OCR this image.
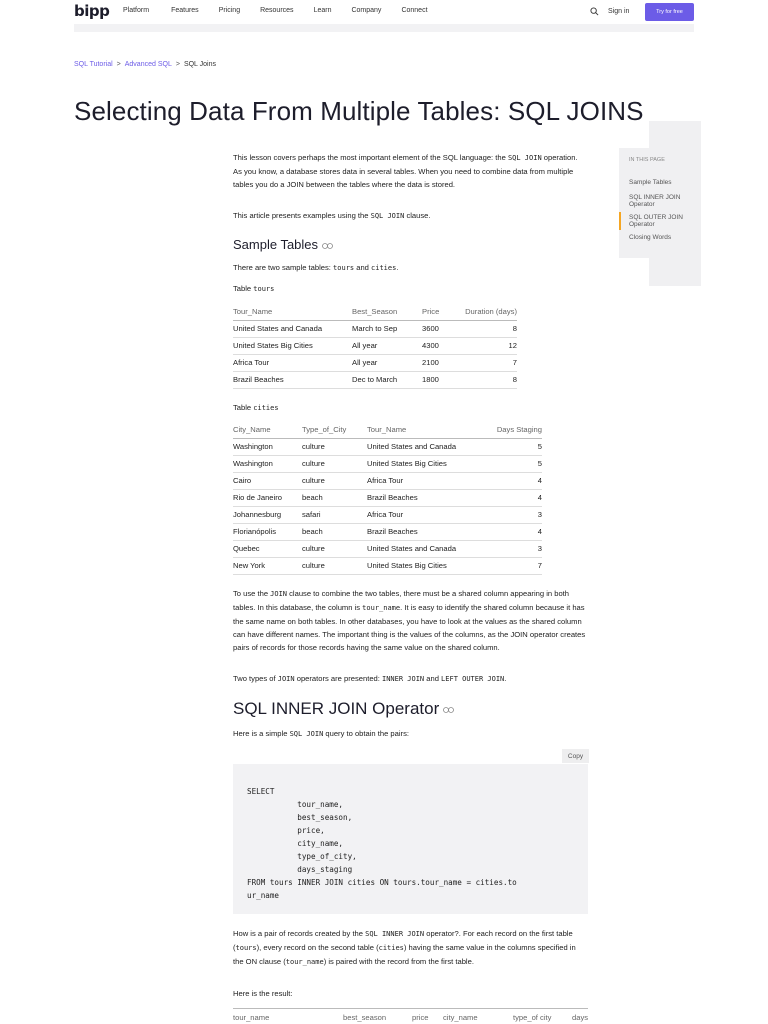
bipp Platform	Features	Pricing	Resources	Learn	Company	Connect	Sign in	Try for free
SQL Tutorial > Advanced SQL > SQL Joins
Selecting Data From Multiple Tables: SQL JOINS
IN THIS PAGE
Sample Tables
SQL INNER JOIN Operator
SQL OUTER JOIN Operator
Closing Words

This lesson covers perhaps the most important element of the SQL language: the SQL JOIN operation. As you know, a database stores data in several tables. When you need to combine data from multiple tables you do a JOIN between the tables where the data is stored.

This article presents examples using the SQL JOIN clause.

Sample Tables

There are two sample tables: tours and cities.

Table tours

Tour_Name	Best_Season	Price	Duration (days)
United States and Canada	March to Sep	3600	8
United States Big Cities	All year	4300	12
Africa Tour	All year	2100	7
Brazil Beaches	Dec to March	1800	8

Table cities

City_Name	Type_of_City	Tour_Name	Days Staging
Washington	culture	United States and Canada	5
Washington	culture	United States Big Cities	5
Cairo	culture	Africa Tour	4
Rio de Janeiro	beach	Brazil Beaches	4
Johannesburg	safari	Africa Tour	3
Florianópolis	beach	Brazil Beaches	4
Quebec	culture	United States and Canada	3
New York	culture	United States Big Cities	7

To use the JOIN clause to combine the two tables, there must be a shared column appearing in both tables. In this database, the column is tour_name. It is easy to identify the shared column because it has the same name on both tables. In other databases, you have to look at the values as the shared column can have different names. The important thing is the values of the columns, as the JOIN operator creates pairs of records for those records having the same value on the shared column.

Two types of JOIN operators are presented: INNER JOIN and LEFT OUTER JOIN.

SQL INNER JOIN Operator

Here is a simple SQL JOIN query to obtain the pairs:

Copy
SELECT
tour_name,
best_season,
price,
city_name,
type_of_city,
days_staging
FROM tours INNER JOIN cities ON tours.tour_name = cities.to
ur_name

How is a pair of records created by the SQL INNER JOIN operator?. For each record on the first table (tours), every record on the second table (cities) having the same value in the columns specified in the ON clause (tour_name) is paired with the record from the first table.

Here is the result:

tour_name	best_season	price city_name	type_of city	days
